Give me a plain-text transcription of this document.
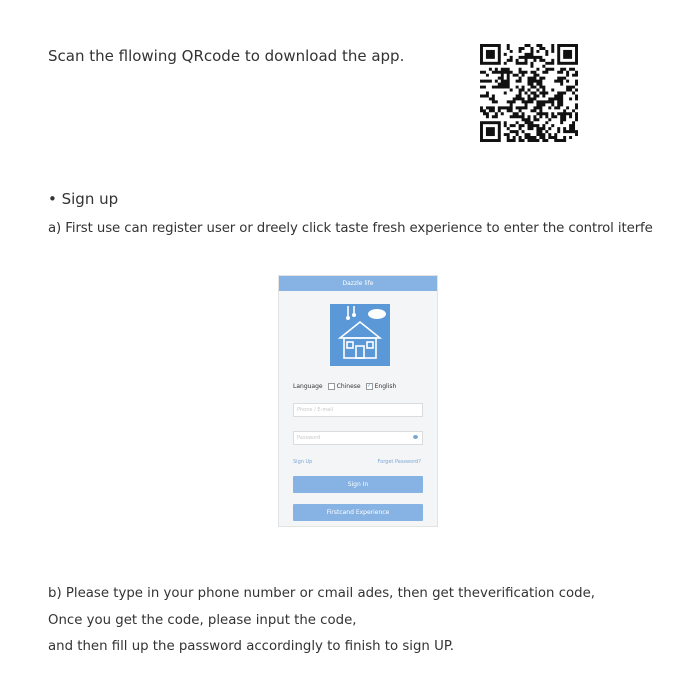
Scan the fllowing QRcode to download the app.
• Sign up
a) First use can register user or dreely click taste fresh experience to enter the control iterfe
Dazzle life
Language Chinese ✓ English
Phone / E-mail
Password
Sign Up	Forget Password?
Sign In
Firstcand Experience
b) Please type in your phone number or cmail ades, then get theverification code,
Once you get the code, please input the code,
and then fill up the password accordingly to finish to sign UP.
